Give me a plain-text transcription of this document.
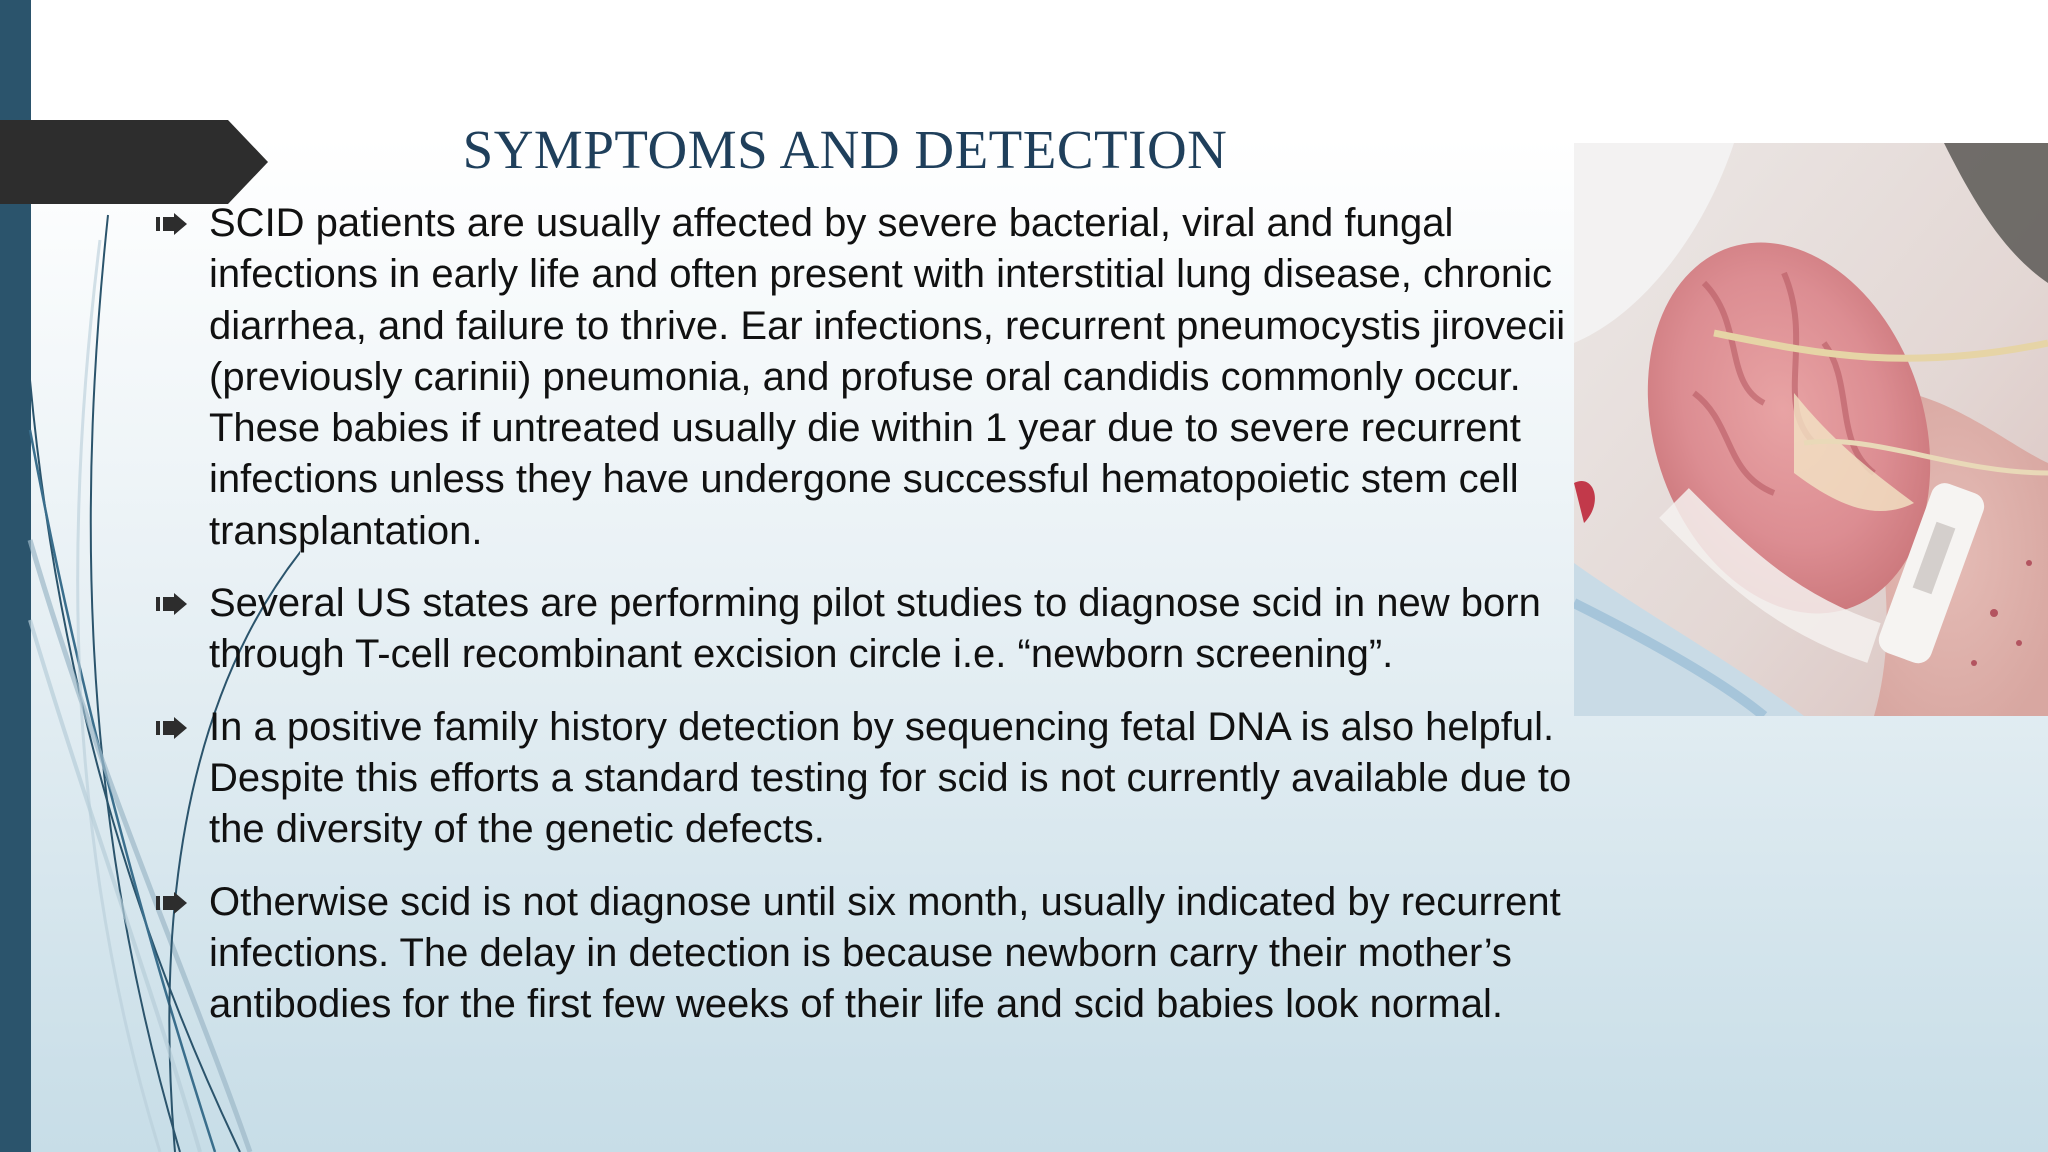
SYMPTOMS AND DETECTION

SCID patients are usually affected by severe bacterial, viral and fungal infections in early life and often present with interstitial lung disease, chronic diarrhea, and failure to thrive. Ear infections, recurrent pneumocystis jirovecii (previously carinii) pneumonia, and profuse oral candidis commonly occur. These babies if untreated usually die within 1 year due to severe recurrent infections unless they have undergone successful hematopoietic stem cell transplantation.

Several US states are performing pilot studies to diagnose scid in new born through T-cell recombinant excision circle i.e. “newborn screening”.

In a positive family history detection by sequencing fetal DNA is also helpful. Despite this efforts a standard testing for scid is not currently available due to the diversity of the genetic defects.

Otherwise scid is not diagnose until six month, usually indicated by recurrent infections. The delay in detection is because newborn carry their mother’s antibodies for the first few weeks of their life and scid babies look normal.
